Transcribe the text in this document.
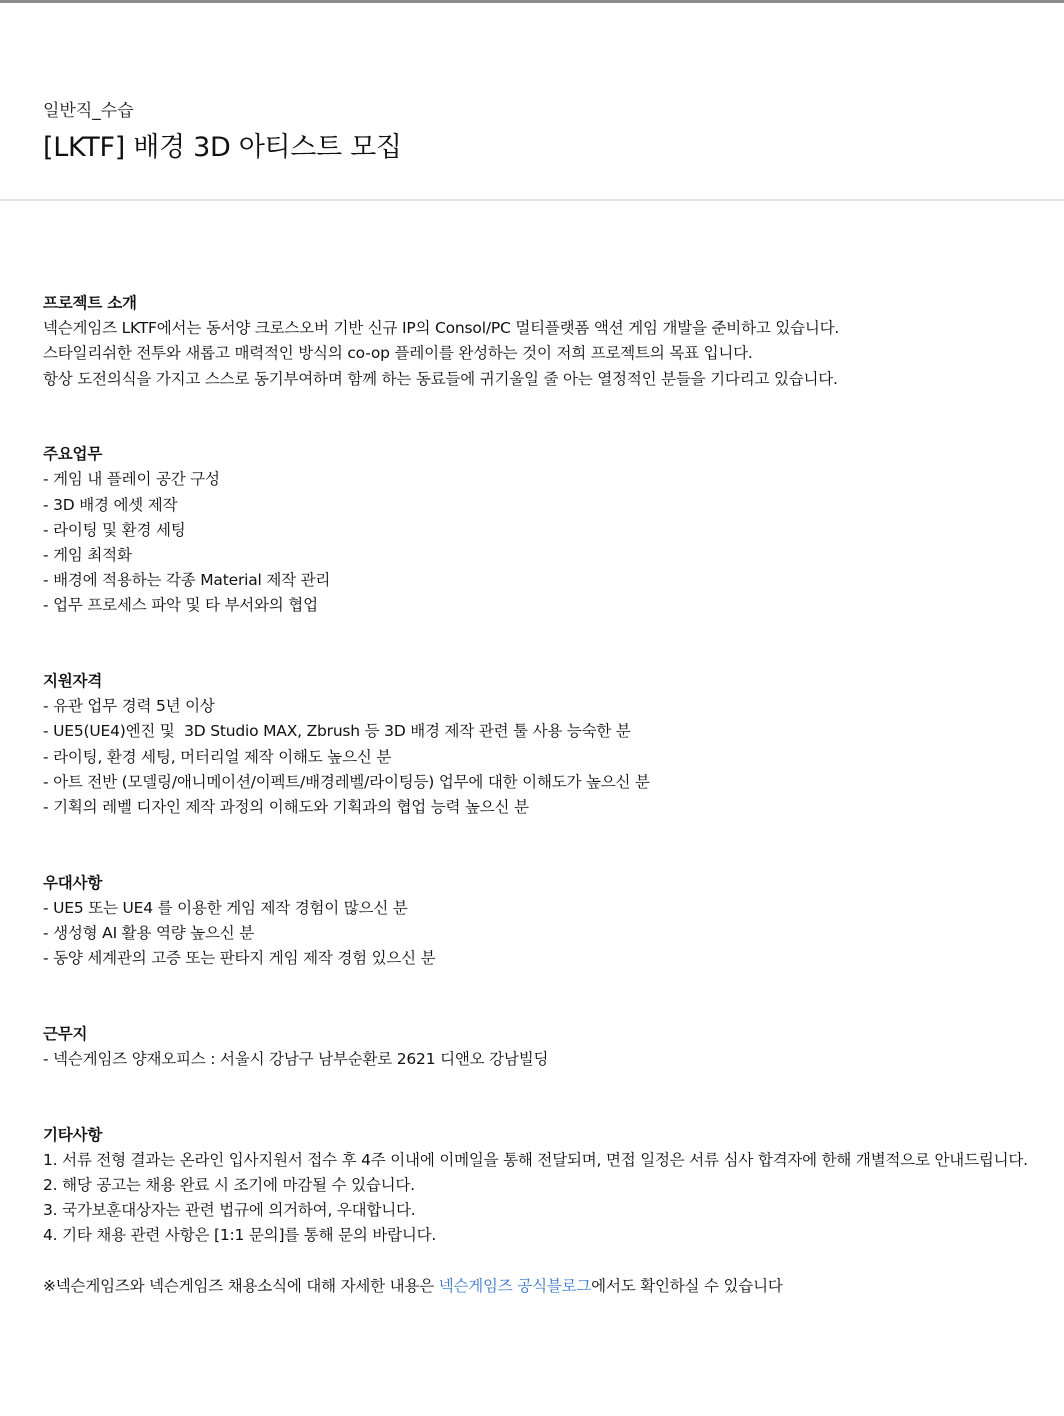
일반직_수습

[LKTF] 배경 3D 아티스트 모집

프로젝트 소개

넥슨게임즈 LKTF에서는 동서양 크로스오버 기반 신규 IP의 Consol/PC 멀티플랫폼 액션 게임 개발을 준비하고 있습니다.

스타일리쉬한 전투와 새롭고 매력적인 방식의 co-op 플레이를 완성하는 것이 저희 프로젝트의 목표 입니다.

항상 도전의식을 가지고 스스로 동기부여하며 함께 하는 동료들에 귀기울일 줄 아는 열정적인 분들을 기다리고 있습니다.

주요업무

- 게임 내 플레이 공간 구성

- 3D 배경 에셋 제작

- 라이팅 및 환경 세팅

- 게임 최적화

- 배경에 적용하는 각종 Material 제작 관리

- 업무 프로세스 파악 및 타 부서와의 협업

지원자격

- 유관 업무 경력 5년 이상

- UE5(UE4)엔진 및  3D Studio MAX, Zbrush 등 3D 배경 제작 관련 툴 사용 능숙한 분

- 라이팅, 환경 세팅, 머터리얼 제작 이해도 높으신 분

- 아트 전반 (모델링/애니메이션/이펙트/배경레벨/라이팅등) 업무에 대한 이해도가 높으신 분

- 기획의 레벨 디자인 제작 과정의 이해도와 기획과의 협업 능력 높으신 분

우대사항

- UE5 또는 UE4 를 이용한 게임 제작 경험이 많으신 분

- 생성형 AI 활용 역량 높으신 분

- 동양 세계관의 고증 또는 판타지 게임 제작 경험 있으신 분

근무지

- 넥슨게임즈 양재오피스 : 서울시 강남구 남부순환로 2621 디앤오 강남빌딩

기타사항

1. 서류 전형 결과는 온라인 입사지원서 접수 후 4주 이내에 이메일을 통해 전달되며, 면접 일정은 서류 심사 합격자에 한해 개별적으로 안내드립니다.

2. 해당 공고는 채용 완료 시 조기에 마감될 수 있습니다.

3. 국가보훈대상자는 관련 법규에 의거하여, 우대합니다.

4. 기타 채용 관련 사항은 [1:1 문의]를 통해 문의 바랍니다.

※넥슨게임즈와 넥슨게임즈 채용소식에 대해 자세한 내용은 넥슨게임즈 공식블로그에서도 확인하실 수 있습니다
